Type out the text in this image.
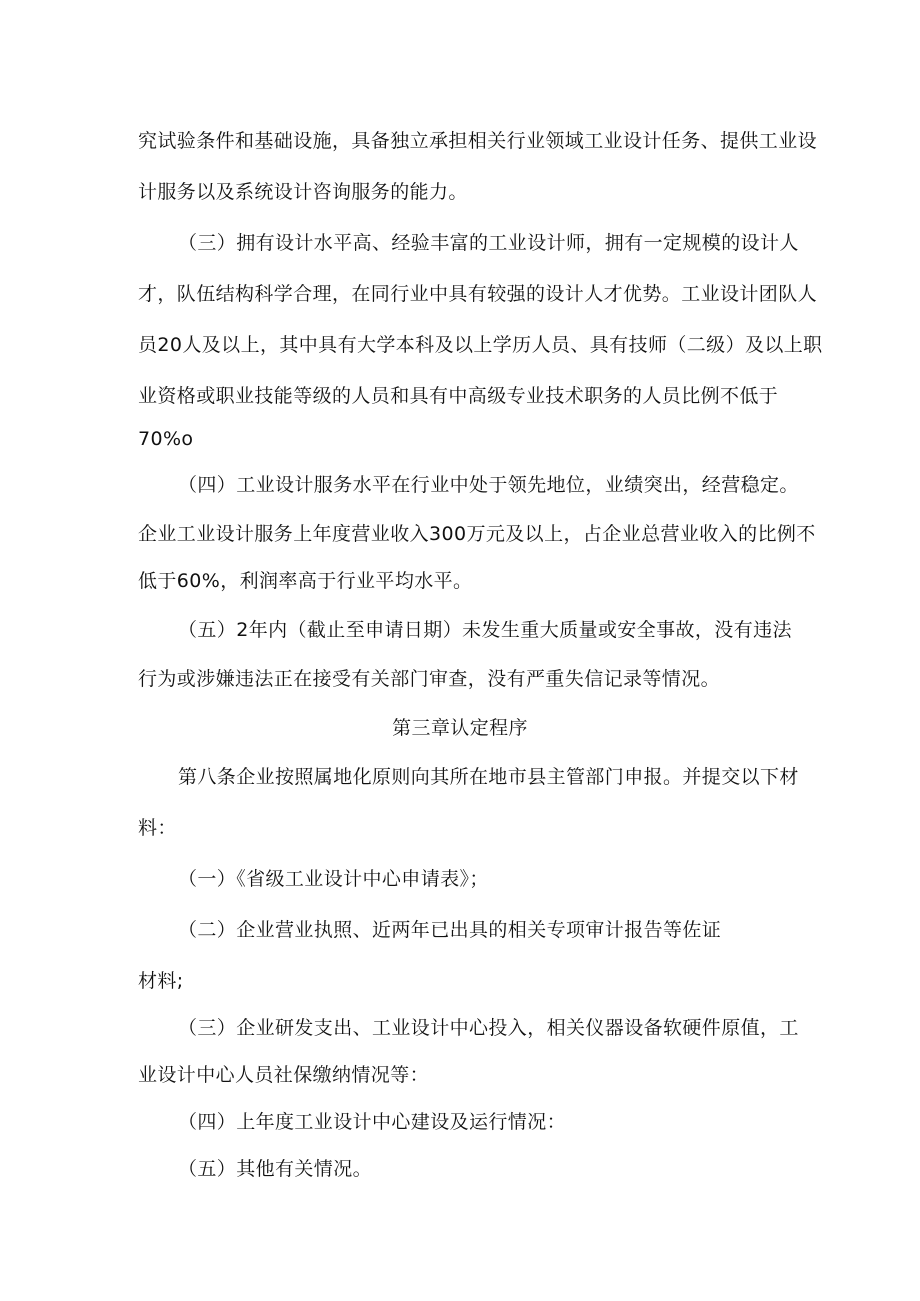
究试验条件和基础设施，具备独立承担相关行业领域工业设计任务、提供工业设
计服务以及系统设计咨询服务的能力。
（三）拥有设计水平高、经验丰富的工业设计师，拥有一定规模的设计人
才，队伍结构科学合理，在同行业中具有较强的设计人才优势。工业设计团队人
员20人及以上，其中具有大学本科及以上学历人员、具有技师（二级）及以上职
业资格或职业技能等级的人员和具有中高级专业技术职务的人员比例不低于
70%o
（四）工业设计服务水平在行业中处于领先地位，业绩突出，经营稳定。
企业工业设计服务上年度营业收入300万元及以上，占企业总营业收入的比例不
低于60%，利润率高于行业平均水平。
（五）2年内（截止至申请日期）未发生重大质量或安全事故，没有违法
行为或涉嫌违法正在接受有关部门审查，没有严重失信记录等情况。
第三章认定程序
第八条企业按照属地化原则向其所在地市县主管部门申报。并提交以下材
料：
（一）《省级工业设计中心申请表》；
（二）企业营业执照、近两年已出具的相关专项审计报告等佐证
材料;
（三）企业研发支出、工业设计中心投入，相关仪器设备软硬件原值，工
业设计中心人员社保缴纳情况等：
（四）上年度工业设计中心建设及运行情况：
（五）其他有关情况。
